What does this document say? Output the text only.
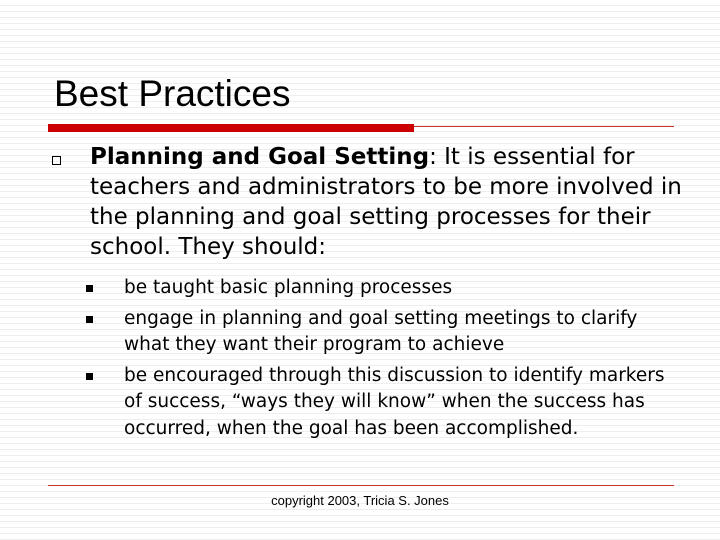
Best Practices
Planning and Goal Setting: It is essential for teachers and administrators to be more involved in the planning and goal setting processes for their school. They should:
be taught basic planning processes
engage in planning and goal setting meetings to clarify what they want their program to achieve
be encouraged through this discussion to identify markers of success, “ways they will know” when the success has occurred, when the goal has been accomplished.
copyright 2003, Tricia S. Jones
